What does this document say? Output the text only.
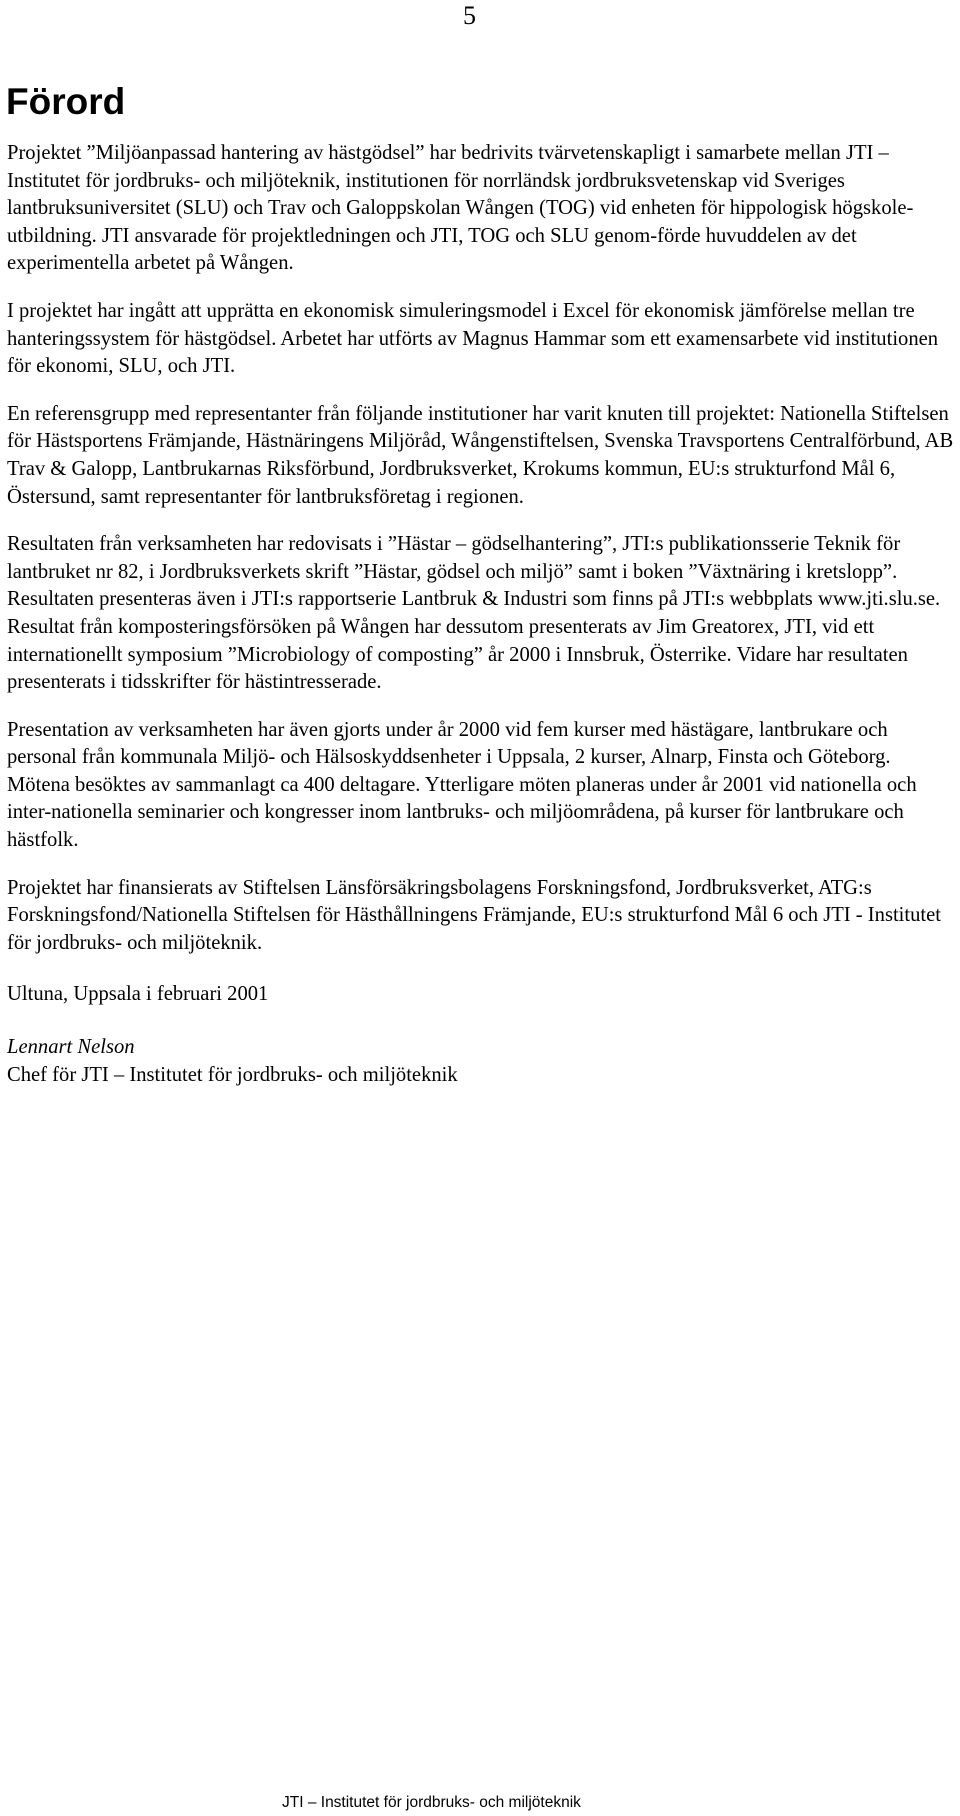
5
Förord

Projektet ”Miljöanpassad hantering av hästgödsel” har bedrivits tvärvetenskapligt i samarbete mellan JTI – Institutet för jordbruks- och miljöteknik, institutionen för norrländsk jordbruksvetenskap vid Sveriges lantbruksuniversitet (SLU) och Trav och Galoppskolan Wången (TOG) vid enheten för hippologisk högskole-utbildning. JTI ansvarade för projektledningen och JTI, TOG och SLU genom-förde huvuddelen av det experimentella arbetet på Wången.

I projektet har ingått att upprätta en ekonomisk simuleringsmodel i Excel för ekonomisk jämförelse mellan tre hanteringssystem för hästgödsel. Arbetet har utförts av Magnus Hammar som ett examensarbete vid institutionen för ekonomi, SLU, och JTI.

En referensgrupp med representanter från följande institutioner har varit knuten till projektet: Nationella Stiftelsen för Hästsportens Främjande, Hästnäringens Miljöråd, Wångenstiftelsen, Svenska Travsportens Centralförbund, AB Trav & Galopp, Lantbrukarnas Riksförbund, Jordbruksverket, Krokums kommun, EU:s strukturfond Mål 6, Östersund, samt representanter för lantbruksföretag i regionen.

Resultaten från verksamheten har redovisats i ”Hästar – gödselhantering”, JTI:s publikationsserie Teknik för lantbruket nr 82, i Jordbruksverkets skrift ”Hästar, gödsel och miljö” samt i boken ”Växtnäring i kretslopp”. Resultaten presenteras även i JTI:s rapportserie Lantbruk & Industri som finns på JTI:s webbplats www.jti.slu.se. Resultat från komposteringsförsöken på Wången har dessutom presenterats av Jim Greatorex, JTI, vid ett internationellt symposium ”Microbiology of composting” år 2000 i Innsbruk, Österrike. Vidare har resultaten presenterats i tidsskrifter för hästintresserade.

Presentation av verksamheten har även gjorts under år 2000 vid fem kurser med hästägare, lantbrukare och personal från kommunala Miljö- och Hälsoskyddsenheter i Uppsala, 2 kurser, Alnarp, Finsta och Göteborg. Mötena besöktes av sammanlagt ca 400 deltagare. Ytterligare möten planeras under år 2001 vid nationella och inter-nationella seminarier och kongresser inom lantbruks- och miljöområdena, på kurser för lantbrukare och hästfolk.

Projektet har finansierats av Stiftelsen Länsförsäkringsbolagens Forskningsfond, Jordbruksverket, ATG:s Forskningsfond/Nationella Stiftelsen för Hästhållningens Främjande, EU:s strukturfond Mål 6 och JTI - Institutet för jordbruks- och miljöteknik.

Ultuna, Uppsala i februari 2001

Lennart Nelson
Chef för JTI – Institutet för jordbruks- och miljöteknik

JTI – Institutet för jordbruks- och miljöteknik
